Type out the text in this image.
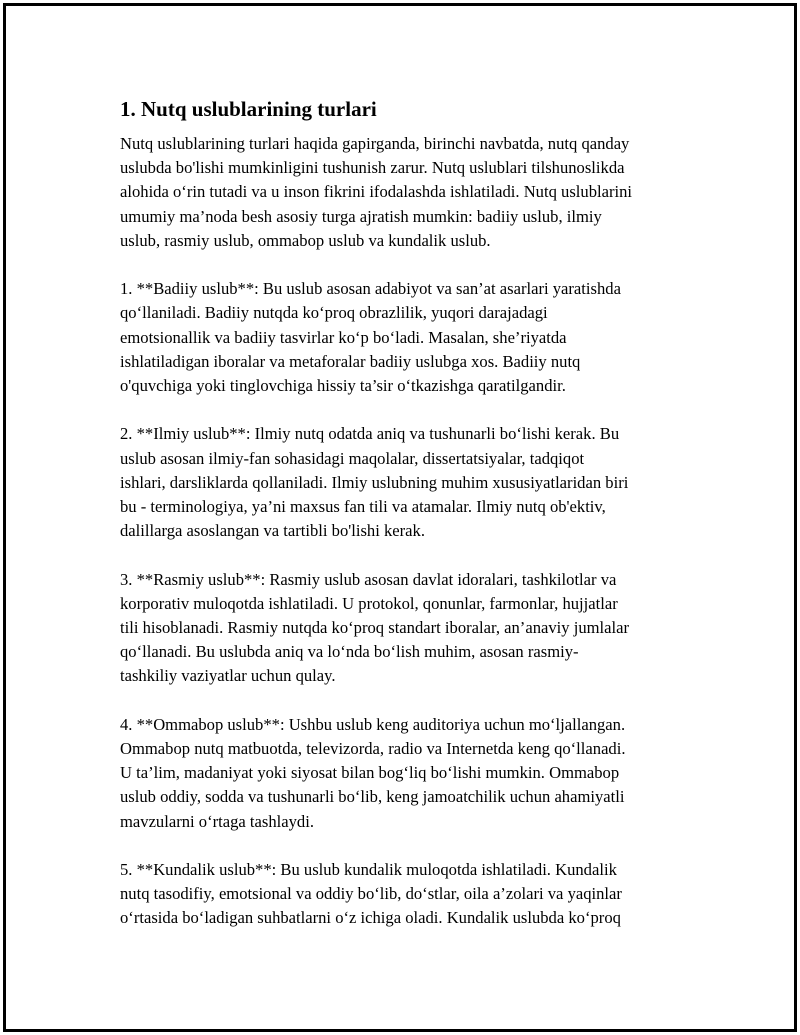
1. Nutq uslublarining turlari

Nutq uslublarining turlari haqida gapirganda, birinchi navbatda, nutq qanday
uslubda bo'lishi mumkinligini tushunish zarur. Nutq uslublari tilshunoslikda
alohida o‘rin tutadi va u inson fikrini ifodalashda ishlatiladi. Nutq uslublarini
umumiy ma’noda besh asosiy turga ajratish mumkin: badiiy uslub, ilmiy
uslub, rasmiy uslub, ommabop uslub va kundalik uslub.

1. **Badiiy uslub**: Bu uslub asosan adabiyot va san’at asarlari yaratishda
qo‘llaniladi. Badiiy nutqda ko‘proq obrazlilik, yuqori darajadagi
emotsionallik va badiiy tasvirlar ko‘p bo‘ladi. Masalan, she’riyatda
ishlatiladigan iboralar va metaforalar badiiy uslubga xos. Badiiy nutq
o'quvchiga yoki tinglovchiga hissiy ta’sir o‘tkazishga qaratilgandir.

2. **Ilmiy uslub**: Ilmiy nutq odatda aniq va tushunarli bo‘lishi kerak. Bu
uslub asosan ilmiy-fan sohasidagi maqolalar, dissertatsiyalar, tadqiqot
ishlari, darsliklarda qollaniladi. Ilmiy uslubning muhim xususiyatlaridan biri
bu - terminologiya, ya’ni maxsus fan tili va atamalar. Ilmiy nutq ob'ektiv,
dalillarga asoslangan va tartibli bo'lishi kerak.

3. **Rasmiy uslub**: Rasmiy uslub asosan davlat idoralari, tashkilotlar va
korporativ muloqotda ishlatiladi. U protokol, qonunlar, farmonlar, hujjatlar
tili hisoblanadi. Rasmiy nutqda ko‘proq standart iboralar, an’anaviy jumlalar
qo‘llanadi. Bu uslubda aniq va lo‘nda bo‘lish muhim, asosan rasmiy-
tashkiliy vaziyatlar uchun qulay.

4. **Ommabop uslub**: Ushbu uslub keng auditoriya uchun mo‘ljallangan.
Ommabop nutq matbuotda, televizorda, radio va Internetda keng qo‘llanadi.
U ta’lim, madaniyat yoki siyosat bilan bog‘liq bo‘lishi mumkin. Ommabop
uslub oddiy, sodda va tushunarli bo‘lib, keng jamoatchilik uchun ahamiyatli
mavzularni o‘rtaga tashlaydi.

5. **Kundalik uslub**: Bu uslub kundalik muloqotda ishlatiladi. Kundalik
nutq tasodifiy, emotsional va oddiy bo‘lib, do‘stlar, oila a’zolari va yaqinlar
o‘rtasida bo‘ladigan suhbatlarni o‘z ichiga oladi. Kundalik uslubda ko‘proq
